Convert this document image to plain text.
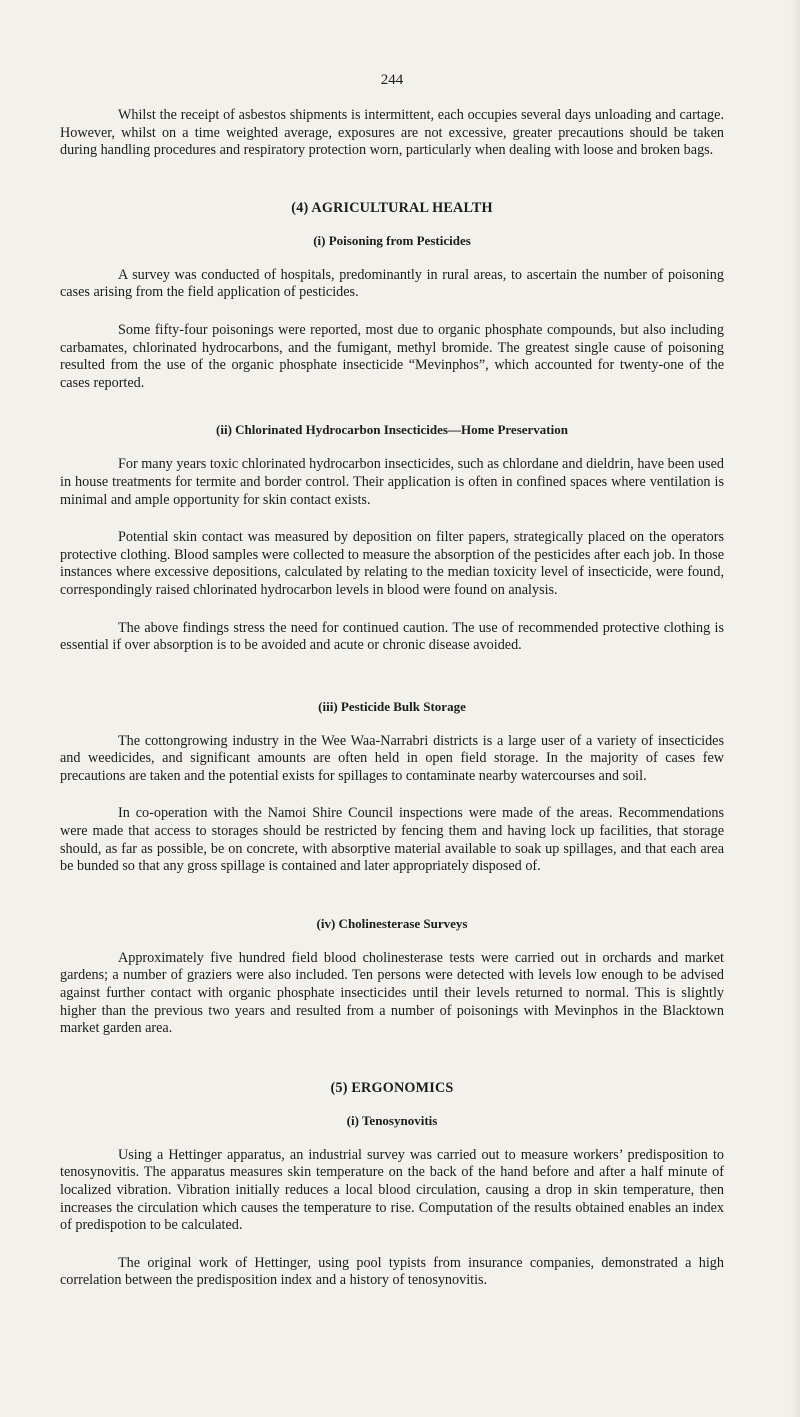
244

Whilst the receipt of asbestos shipments is intermittent, each occupies several days unloading and cartage. However, whilst on a time weighted average, exposures are not excessive, greater precautions should be taken during handling procedures and respiratory protection worn, particularly when dealing with loose and broken bags.

(4) AGRICULTURAL HEALTH
(i) Poisoning from Pesticides

A survey was conducted of hospitals, predominantly in rural areas, to ascertain the number of poisoning cases arising from the field application of pesticides.

Some fifty-four poisonings were reported, most due to organic phosphate compounds, but also including carbamates, chlorinated hydrocarbons, and the fumigant, methyl bromide. The greatest single cause of poisoning resulted from the use of the organic phosphate insecticide “Mevinphos”, which accounted for twenty-one of the cases reported.

(ii) Chlorinated Hydrocarbon Insecticides—Home Preservation

For many years toxic chlorinated hydrocarbon insecticides, such as chlordane and dieldrin, have been used in house treatments for termite and border control. Their application is often in confined spaces where ventilation is minimal and ample opportunity for skin contact exists.

Potential skin contact was measured by deposition on filter papers, strategically placed on the operators protective clothing. Blood samples were collected to measure the absorption of the pesticides after each job. In those instances where excessive depositions, calculated by relating to the median toxicity level of insecticide, were found, correspondingly raised chlorinated hydrocarbon levels in blood were found on analysis.

The above findings stress the need for continued caution. The use of recommended protective clothing is essential if over absorption is to be avoided and acute or chronic disease avoided.

(iii) Pesticide Bulk Storage

The cottongrowing industry in the Wee Waa-Narrabri districts is a large user of a variety of insecticides and weedicides, and significant amounts are often held in open field storage. In the majority of cases few precautions are taken and the potential exists for spillages to contaminate nearby watercourses and soil.

In co-operation with the Namoi Shire Council inspections were made of the areas. Recommendations were made that access to storages should be restricted by fencing them and having lock up facilities, that storage should, as far as possible, be on concrete, with absorptive material available to soak up spillages, and that each area be bunded so that any gross spillage is contained and later appropriately disposed of.

(iv) Cholinesterase Surveys

Approximately five hundred field blood cholinesterase tests were carried out in orchards and market gardens; a number of graziers were also included. Ten persons were detected with levels low enough to be advised against further contact with organic phosphate insecticides until their levels returned to normal. This is slightly higher than the previous two years and resulted from a number of poisonings with Mevinphos in the Blacktown market garden area.

(5) ERGONOMICS
(i) Tenosynovitis

Using a Hettinger apparatus, an industrial survey was carried out to measure workers’ predisposition to tenosynovitis. The apparatus measures skin temperature on the back of the hand before and after a half minute of localized vibration. Vibration initially reduces a local blood circulation, causing a drop in skin temperature, then increases the circulation which causes the temperature to rise. Computation of the results obtained enables an index of predispotion to be calculated.

The original work of Hettinger, using pool typists from insurance companies, demonstrated a high correlation between the predisposition index and a history of tenosynovitis.
